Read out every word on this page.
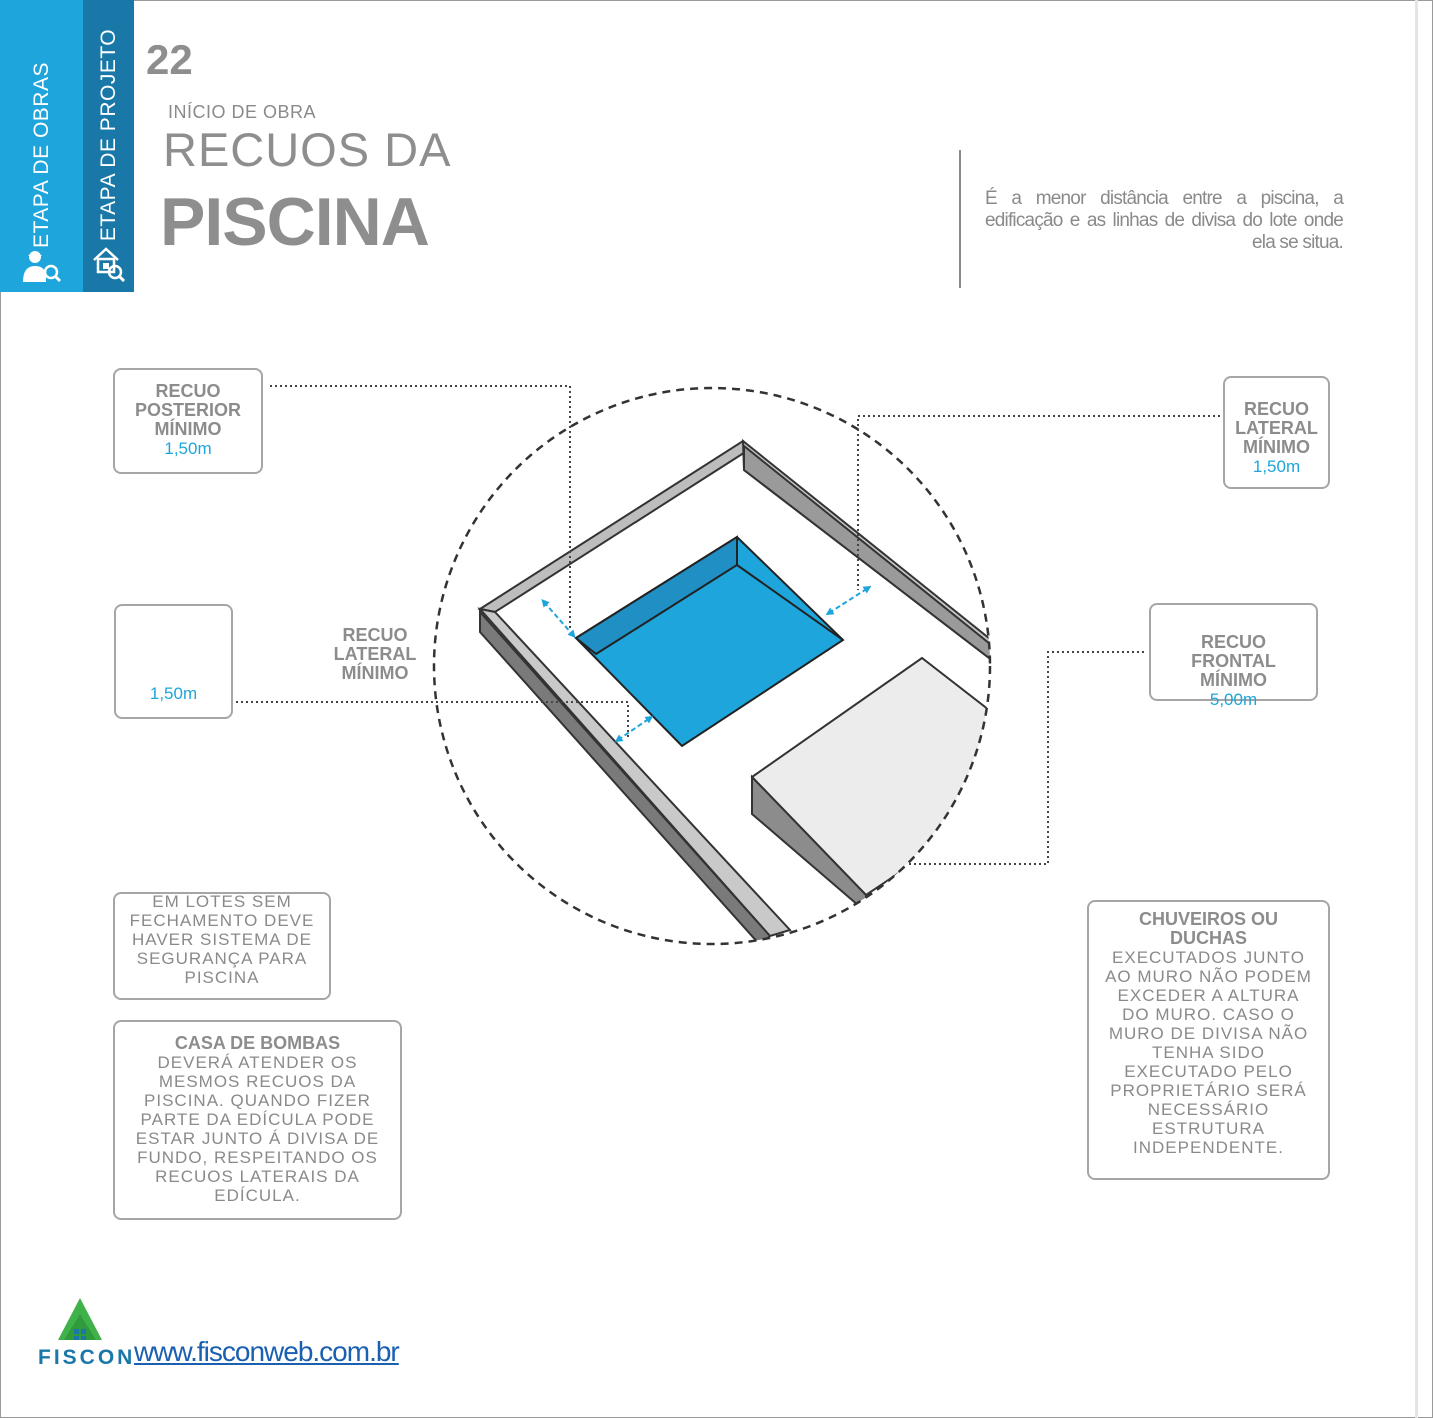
ETAPA DE OBRAS ETAPA DE PROJETO 22
INÍCIO DE OBRA
RECUOS DA
PISCINA	É a menor distância entre a piscina, a edificação e as linhas de divisa do lote onde ela se situa.
RECUO POSTERIOR MÍNIMO
1,50m
RECUO LATERAL MÍNIMO
1,50m
1,50m
RECUO LATERAL MÍNIMO
RECUO FRONTAL MÍNIMO
5,00m
EM LOTES SEM FECHAMENTO DEVE HAVER SISTEMA DE SEGURANÇA PARA PISCINA
CASA DE BOMBAS
DEVERÁ ATENDER OS MESMOS RECUOS DA PISCINA. QUANDO FIZER PARTE DA EDÍCULA PODE ESTAR JUNTO Á DIVISA DE FUNDO, RESPEITANDO OS RECUOS LATERAIS DA EDÍCULA.
CHUVEIROS OU DUCHAS
EXECUTADOS JUNTO AO MURO NÃO PODEM EXCEDER A ALTURA DO MURO. CASO O MURO DE DIVISA NÃO TENHA SIDO EXECUTADO PELO PROPRIETÁRIO SERÁ NECESSÁRIO ESTRUTURA INDEPENDENTE.
FISCON
www.fisconweb.com.br
